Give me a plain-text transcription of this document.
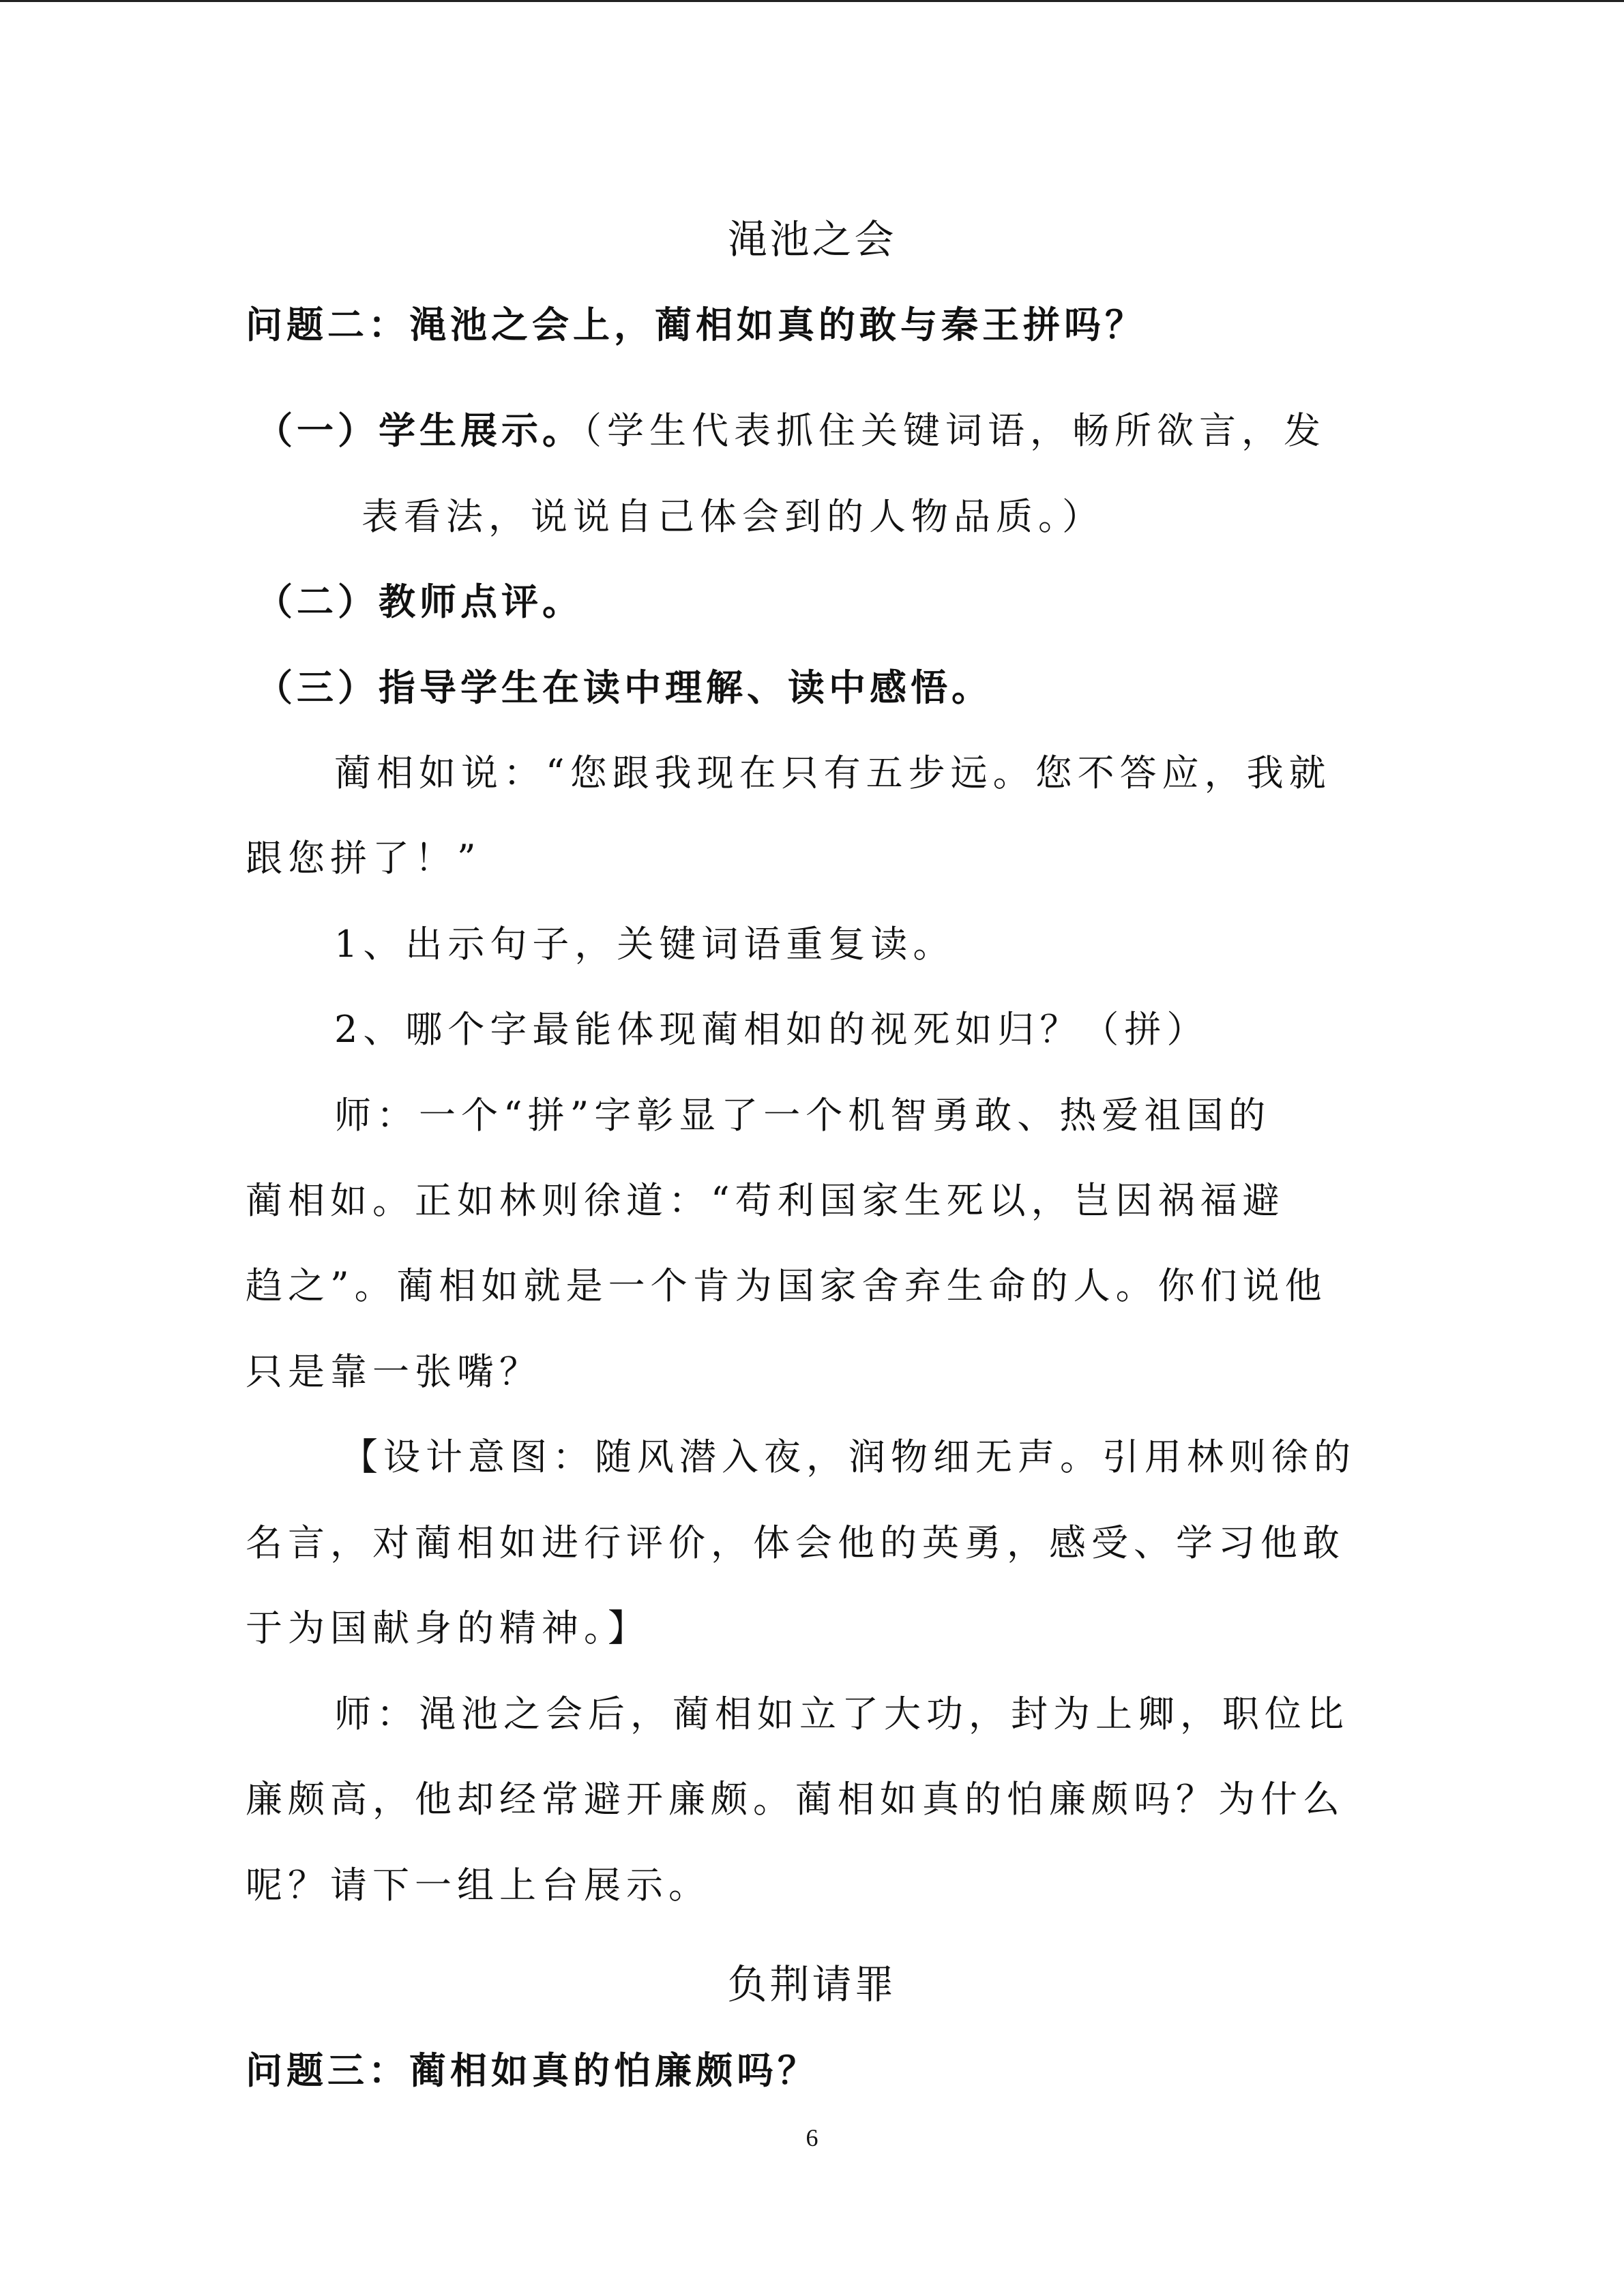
渑池之会
问题二：渑池之会上，蔺相如真的敢与秦王拼吗？
（一）学生展示。（学生代表抓住关键词语，畅所欲言，发
表看法，说说自己体会到的人物品质。）
（二）教师点评。
（三）指导学生在读中理解、读中感悟。
蔺相如说：“您跟我现在只有五步远。您不答应，我就
跟您拼了！”
1、出示句子，关键词语重复读。
2、哪个字最能体现蔺相如的视死如归？（拼）
师：一个“拼”字彰显了一个机智勇敢、热爱祖国的
蔺相如。正如林则徐道：“苟利国家生死以，岂因祸福避
趋之”。蔺相如就是一个肯为国家舍弃生命的人。你们说他
只是靠一张嘴？
【设计意图：随风潜入夜，润物细无声。引用林则徐的
名言，对蔺相如进行评价，体会他的英勇，感受、学习他敢
于为国献身的精神。】
师：渑池之会后，蔺相如立了大功，封为上卿，职位比
廉颇高，他却经常避开廉颇。蔺相如真的怕廉颇吗？为什么
呢？请下一组上台展示。
负荆请罪
问题三：蔺相如真的怕廉颇吗？
6
